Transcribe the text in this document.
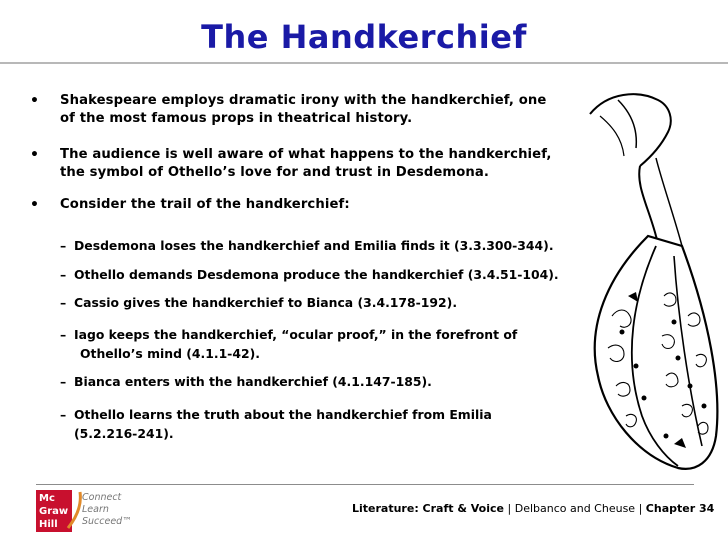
The Handkerchief
• Shakespeare employs dramatic irony with the handkerchief, one
of the most famous props in theatrical history.
• The audience is well aware of what happens to the handkerchief,
the symbol of Othello’s love for and trust in Desdemona.
• Consider the trail of the handkerchief:
– Desdemona loses the handkerchief and Emilia finds it (3.3.300-344).
– Othello demands Desdemona produce the handkerchief (3.4.51-104).
– Cassio gives the handkerchief to Bianca (3.4.178-192).
– Iago keeps the handkerchief, “ocular proof,” in the forefront of
Othello’s mind (4.1.1-42).
– Bianca enters with the handkerchief (4.1.147-185).
– Othello learns the truth about the handkerchief from Emilia
(5.2.216-241).
Mc
Graw
Hill
Connect
Learn
Succeed™
Literature: Craft & Voice | Delbanco and Cheuse | Chapter 34
